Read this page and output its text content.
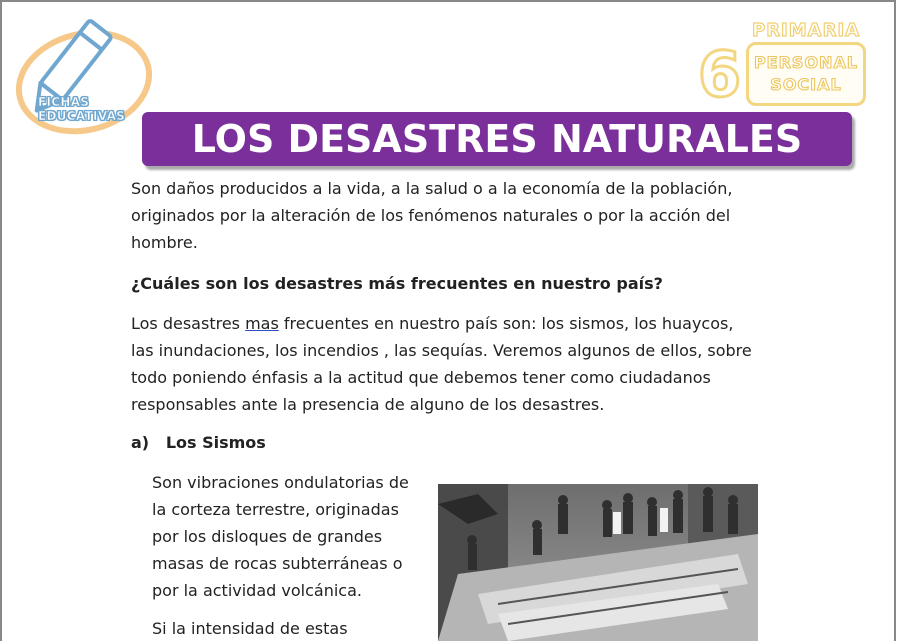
FICHAS
EDUCATIVAS
6
PRIMARIA
PERSONAL
SOCIAL
LOS DESASTRES NATURALES
Son daños producidos a la vida, a la salud o a la economía de la población,
originados por la alteración de los fenómenos naturales o por la acción del
hombre.
¿Cuáles son los desastres más frecuentes en nuestro país?
Los desastres mas frecuentes en nuestro país son: los sismos, los huaycos,
las inundaciones, los incendios , las sequías. Veremos algunos de ellos, sobre
todo poniendo énfasis a la actitud que debemos tener como ciudadanos
responsables ante la presencia de alguno de los desastres.
a)   Los Sismos
Son vibraciones ondulatorias de
la corteza terrestre, originadas
por los disloques de grandes
masas de rocas subterráneas o
por la actividad volcánica.
Si la intensidad de estas
